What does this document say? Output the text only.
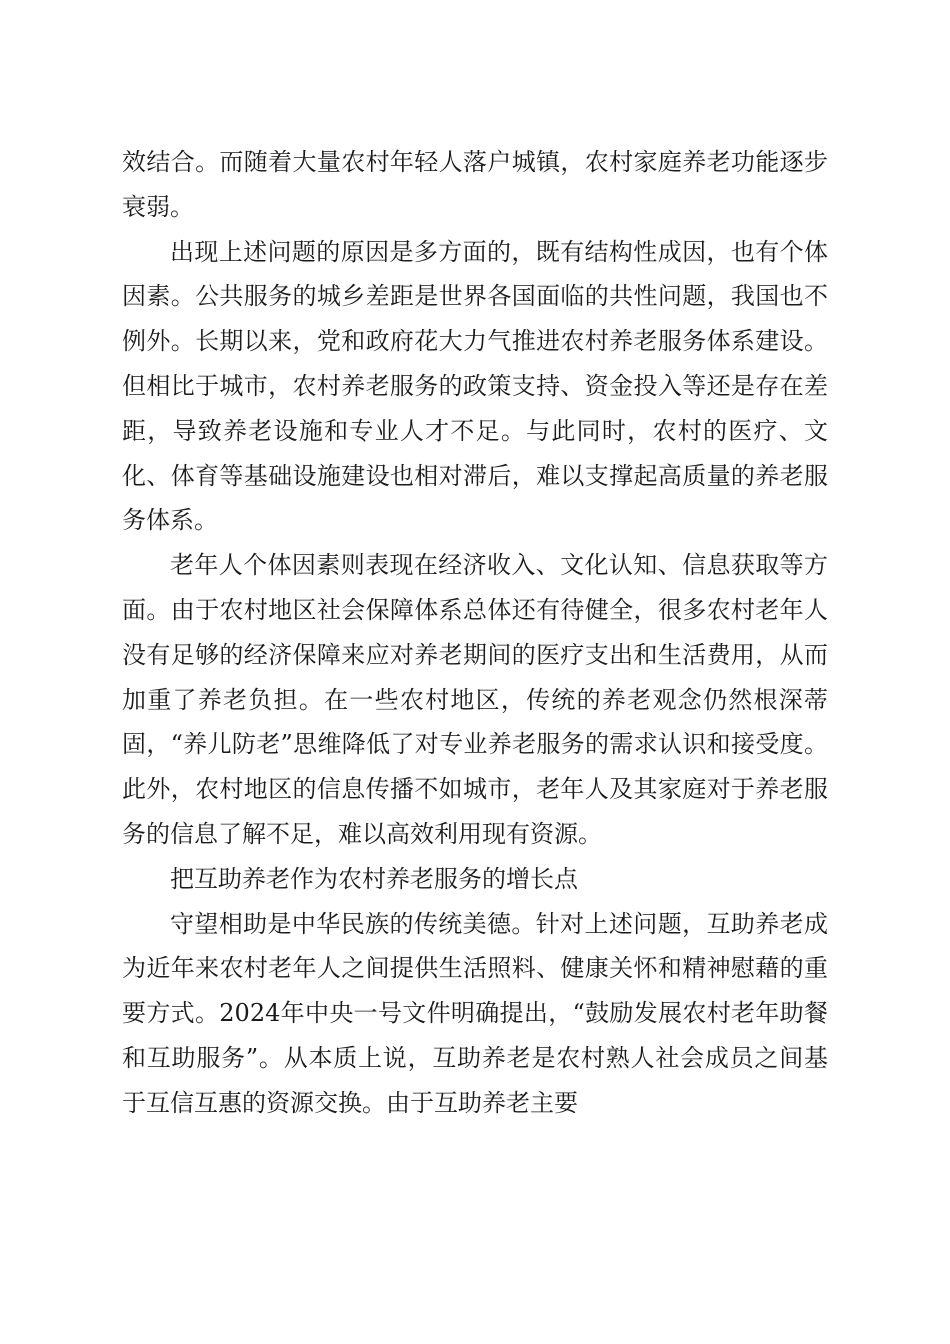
效结合。而随着大量农村年轻人落户城镇，农村家庭养老功能逐步衰弱。

出现上述问题的原因是多方面的，既有结构性成因，也有个体因素。公共服务的城乡差距是世界各国面临的共性问题，我国也不例外。长期以来，党和政府花大力气推进农村养老服务体系建设。但相比于城市，农村养老服务的政策支持、资金投入等还是存在差距，导致养老设施和专业人才不足。与此同时，农村的医疗、文化、体育等基础设施建设也相对滞后，难以支撑起高质量的养老服务体系。

老年人个体因素则表现在经济收入、文化认知、信息获取等方面。由于农村地区社会保障体系总体还有待健全，很多农村老年人没有足够的经济保障来应对养老期间的医疗支出和生活费用，从而加重了养老负担。在一些农村地区，传统的养老观念仍然根深蒂固，“养儿防老”思维降低了对专业养老服务的需求认识和接受度。此外，农村地区的信息传播不如城市，老年人及其家庭对于养老服务的信息了解不足，难以高效利用现有资源。

把互助养老作为农村养老服务的增长点

守望相助是中华民族的传统美德。针对上述问题，互助养老成为近年来农村老年人之间提供生活照料、健康关怀和精神慰藉的重要方式。2024年中央一号文件明确提出，“鼓励发展农村老年助餐和互助服务”。从本质上说，互助养老是农村熟人社会成员之间基于互信互惠的资源交换。由于互助养老主要
